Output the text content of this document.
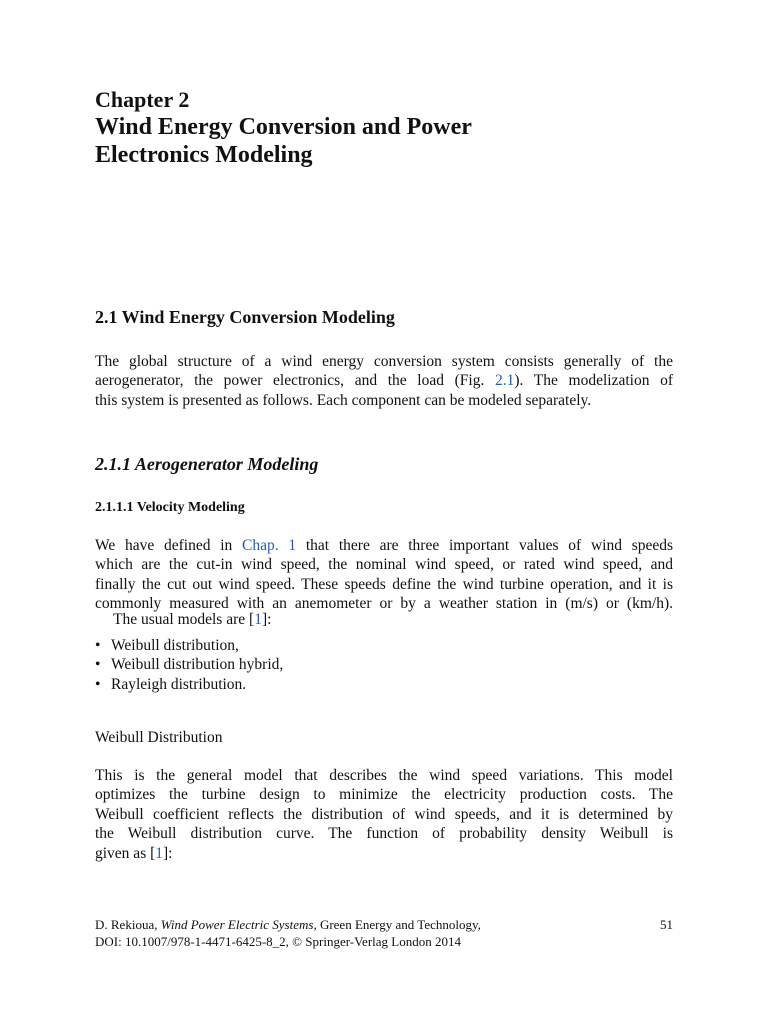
Chapter 2
Wind Energy Conversion and Power
Electronics Modeling
2.1 Wind Energy Conversion Modeling
The global structure of a wind energy conversion system consists generally of the
aerogenerator, the power electronics, and the load (Fig. 2.1). The modelization of
this system is presented as follows. Each component can be modeled separately.
2.1.1 Aerogenerator Modeling
2.1.1.1 Velocity Modeling
We have defined in Chap. 1 that there are three important values of wind speeds
which are the cut-in wind speed, the nominal wind speed, or rated wind speed, and
finally the cut out wind speed. These speeds define the wind turbine operation, and it is
commonly measured with an anemometer or by a weather station in (m/s) or (km/h).
The usual models are [1]:
• Weibull distribution,
• Weibull distribution hybrid,
• Rayleigh distribution.
Weibull Distribution
This is the general model that describes the wind speed variations. This model
optimizes the turbine design to minimize the electricity production costs. The
Weibull coefficient reflects the distribution of wind speeds, and it is determined by
the Weibull distribution curve. The function of probability density Weibull is
given as [1]:
D. Rekioua, Wind Power Electric Systems, Green Energy and Technology,	51
DOI: 10.1007/978-1-4471-6425-8_2, © Springer-Verlag London 2014
